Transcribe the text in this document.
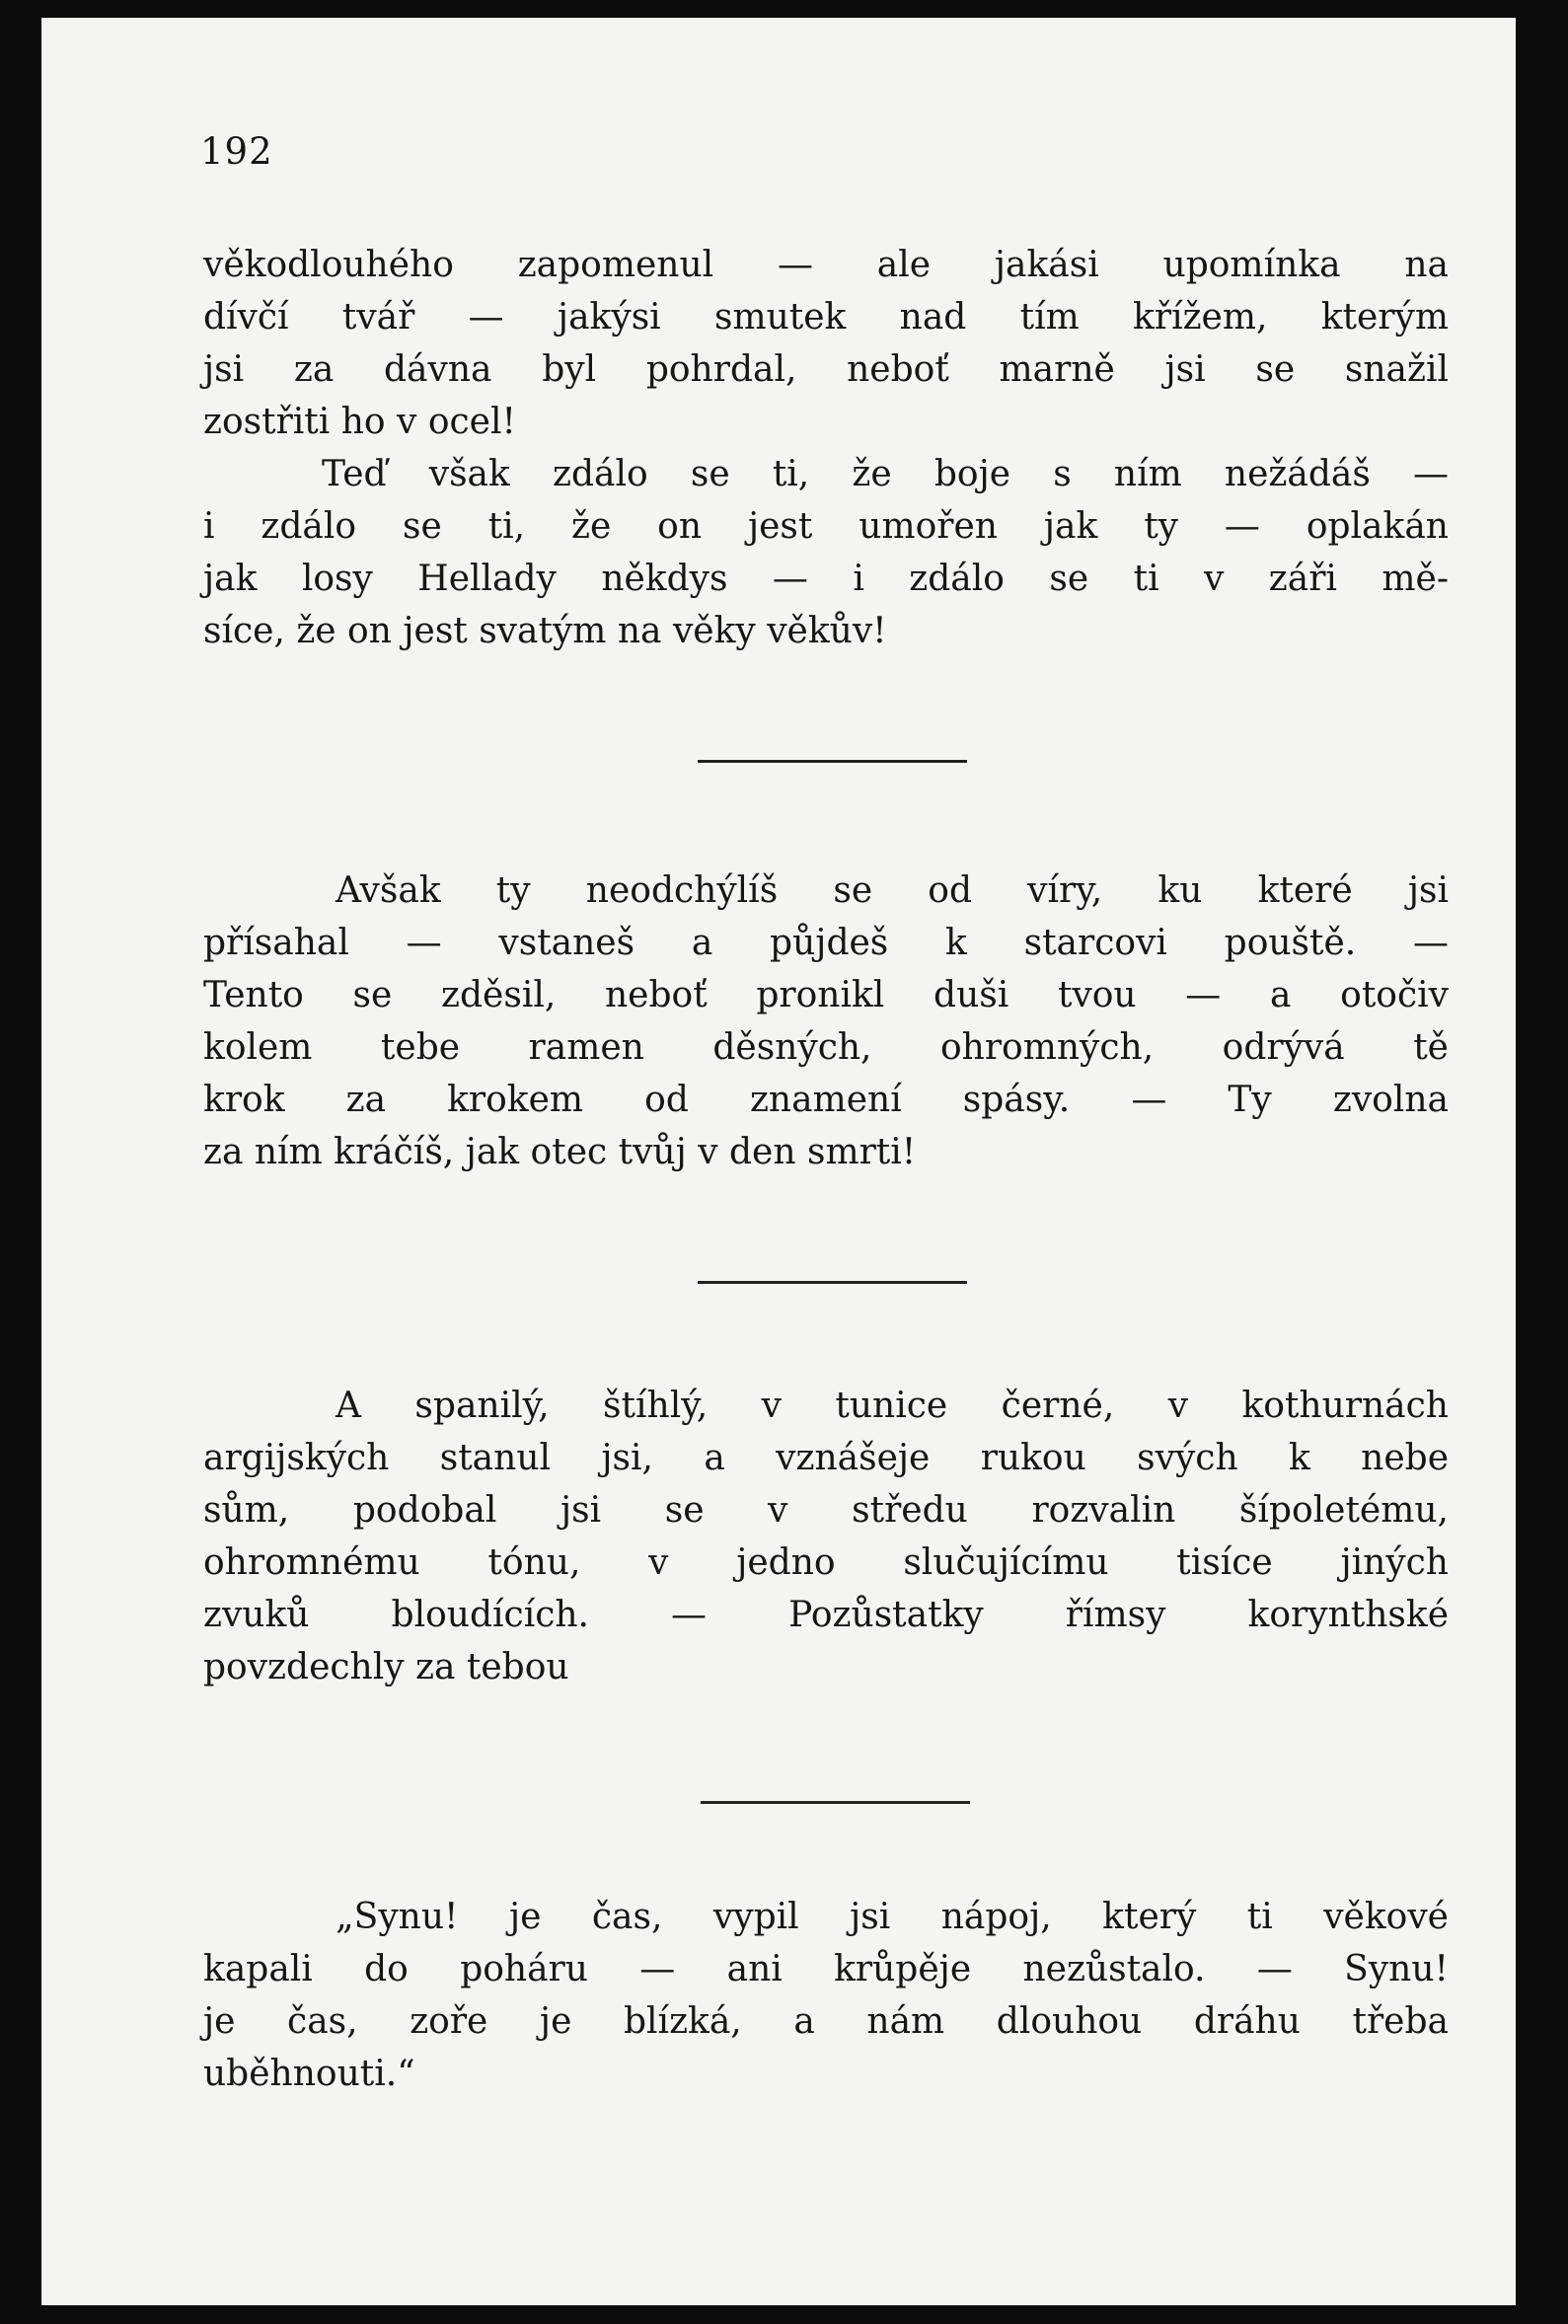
192
věkodlouhého zapomenul — ale jakási upomínka na
dívčí tvář — jakýsi smutek nad tím křížem, kterým
jsi za dávna byl pohrdal, neboť marně jsi se snažil
zostřiti ho v ocel!
Teď však zdálo se ti, že boje s ním nežádáš —
i zdálo se ti, že on jest umořen jak ty — oplakán
jak losy Hellady někdys — i zdálo se ti v záři mě-
síce, že on jest svatým na věky věkův!
Avšak ty neodchýlíš se od víry, ku které jsi
přísahal — vstaneš a půjdeš k starcovi pouště. —
Tento se zděsil, neboť pronikl duši tvou — a otočiv
kolem tebe ramen děsných, ohromných, odrývá tě
krok za krokem od znamení spásy. — Ty zvolna
za ním kráčíš, jak otec tvůj v den smrti!
A spanilý, štíhlý, v tunice černé, v kothurnách
argijských stanul jsi, a vznášeje rukou svých k nebe
sům, podobal jsi se v středu rozvalin šípoletému,
ohromnému tónu, v jedno slučujícímu tisíce jiných
zvuků bloudících. — Pozůstatky římsy korynthské
povzdechly za tebou
„Synu! je čas, vypil jsi nápoj, který ti věkové
kapali do poháru — ani krůpěje nezůstalo. — Synu!
je čas, zoře je blízká, a nám dlouhou dráhu třeba
uběhnouti.“
